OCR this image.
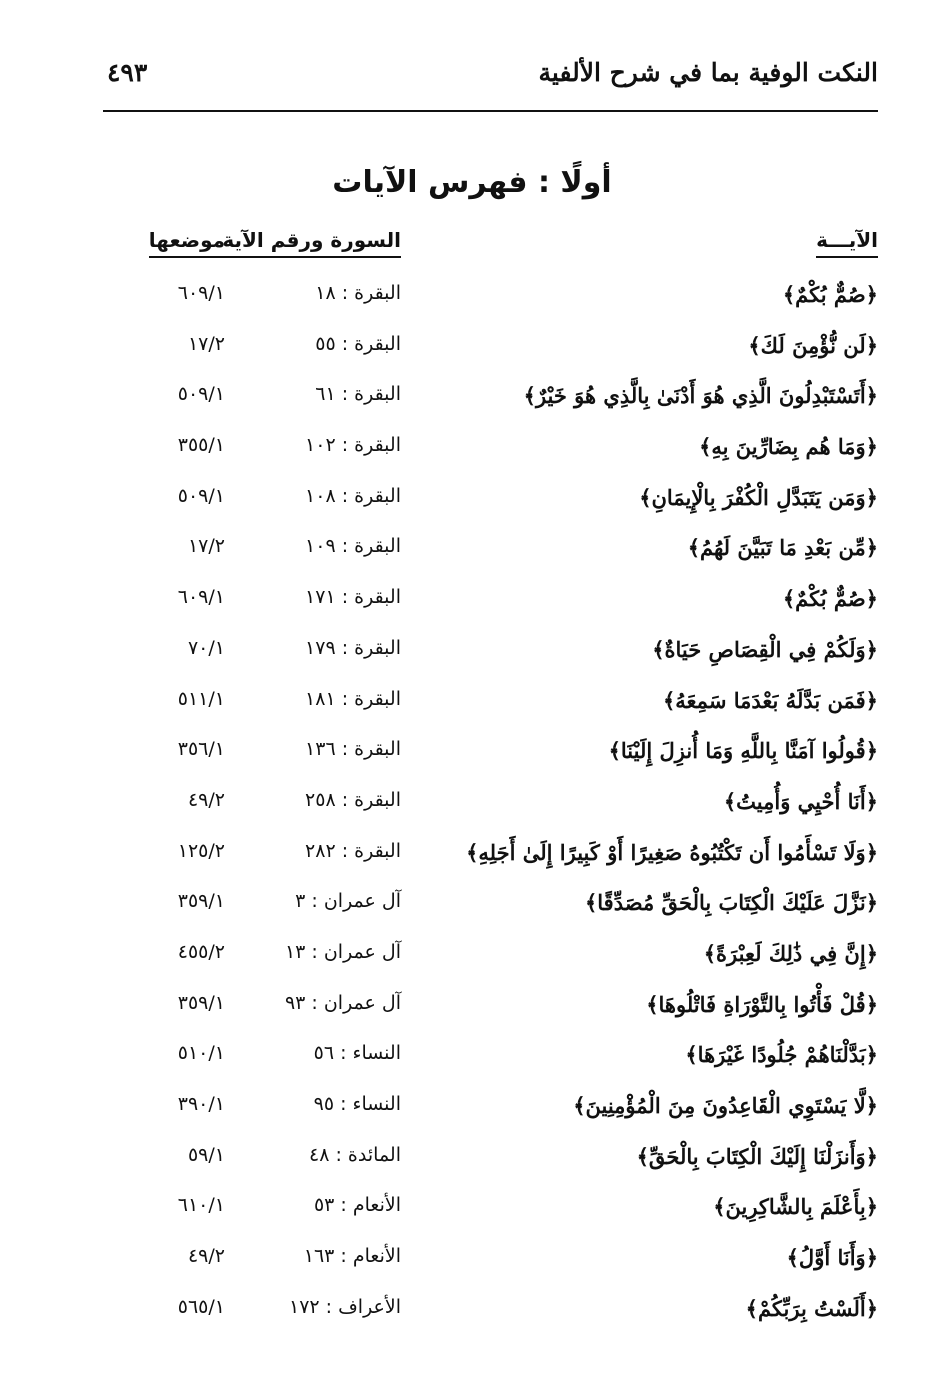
النكت الوفية بما في شرح الألفية
٤٩٣
أولًا : فهرس الآيات
الآيـــة
السورة ورقم الآية
موضعها
﴿صُمٌّ بُكْمٌ﴾
البقرة : ١٨
٦٠٩/١
﴿لَن نُّؤْمِنَ لَكَ﴾
البقرة : ٥٥
١٧/٢
﴿أَتَسْتَبْدِلُونَ الَّذِي هُوَ أَدْنَىٰ بِالَّذِي هُوَ خَيْرٌ﴾
البقرة : ٦١
٥٠٩/١
﴿وَمَا هُم بِضَارِّينَ بِهِ﴾
البقرة : ١٠٢
٣٥٥/١
﴿وَمَن يَتَبَدَّلِ الْكُفْرَ بِالْإِيمَانِ﴾
البقرة : ١٠٨
٥٠٩/١
﴿مِّن بَعْدِ مَا تَبَيَّنَ لَهُمُ﴾
البقرة : ١٠٩
١٧/٢
﴿صُمٌّ بُكْمٌ﴾
البقرة : ١٧١
٦٠٩/١
﴿وَلَكُمْ فِي الْقِصَاصِ حَيَاةٌ﴾
البقرة : ١٧٩
٧٠/١
﴿فَمَن بَدَّلَهُ بَعْدَمَا سَمِعَهُ﴾
البقرة : ١٨١
٥١١/١
﴿قُولُوا آمَنَّا بِاللَّهِ وَمَا أُنزِلَ إِلَيْنَا﴾
البقرة : ١٣٦
٣٥٦/١
﴿أَنَا أُحْيِي وَأُمِيتُ﴾
البقرة : ٢٥٨
٤٩/٢
﴿وَلَا تَسْأَمُوا أَن تَكْتُبُوهُ صَغِيرًا أَوْ كَبِيرًا إِلَىٰ أَجَلِهِ﴾
البقرة : ٢٨٢
١٢٥/٢
﴿نَزَّلَ عَلَيْكَ الْكِتَابَ بِالْحَقِّ مُصَدِّقًا﴾
آل عمران : ٣
٣٥٩/١
﴿إِنَّ فِي ذَٰلِكَ لَعِبْرَةً﴾
آل عمران : ١٣
٤٥٥/٢
﴿قُلْ فَأْتُوا بِالتَّوْرَاةِ فَاتْلُوهَا﴾
آل عمران : ٩٣
٣٥٩/١
﴿بَدَّلْنَاهُمْ جُلُودًا غَيْرَهَا﴾
النساء : ٥٦
٥١٠/١
﴿لَّا يَسْتَوِي الْقَاعِدُونَ مِنَ الْمُؤْمِنِينَ﴾
النساء : ٩٥
٣٩٠/١
﴿وَأَنزَلْنَا إِلَيْكَ الْكِتَابَ بِالْحَقِّ﴾
المائدة : ٤٨
٥٩/١
﴿بِأَعْلَمَ بِالشَّاكِرِينَ﴾
الأنعام : ٥٣
٦١٠/١
﴿وَأَنَا أَوَّلُ﴾
الأنعام : ١٦٣
٤٩/٢
﴿أَلَسْتُ بِرَبِّكُمْ﴾
الأعراف : ١٧٢
٥٦٥/١
